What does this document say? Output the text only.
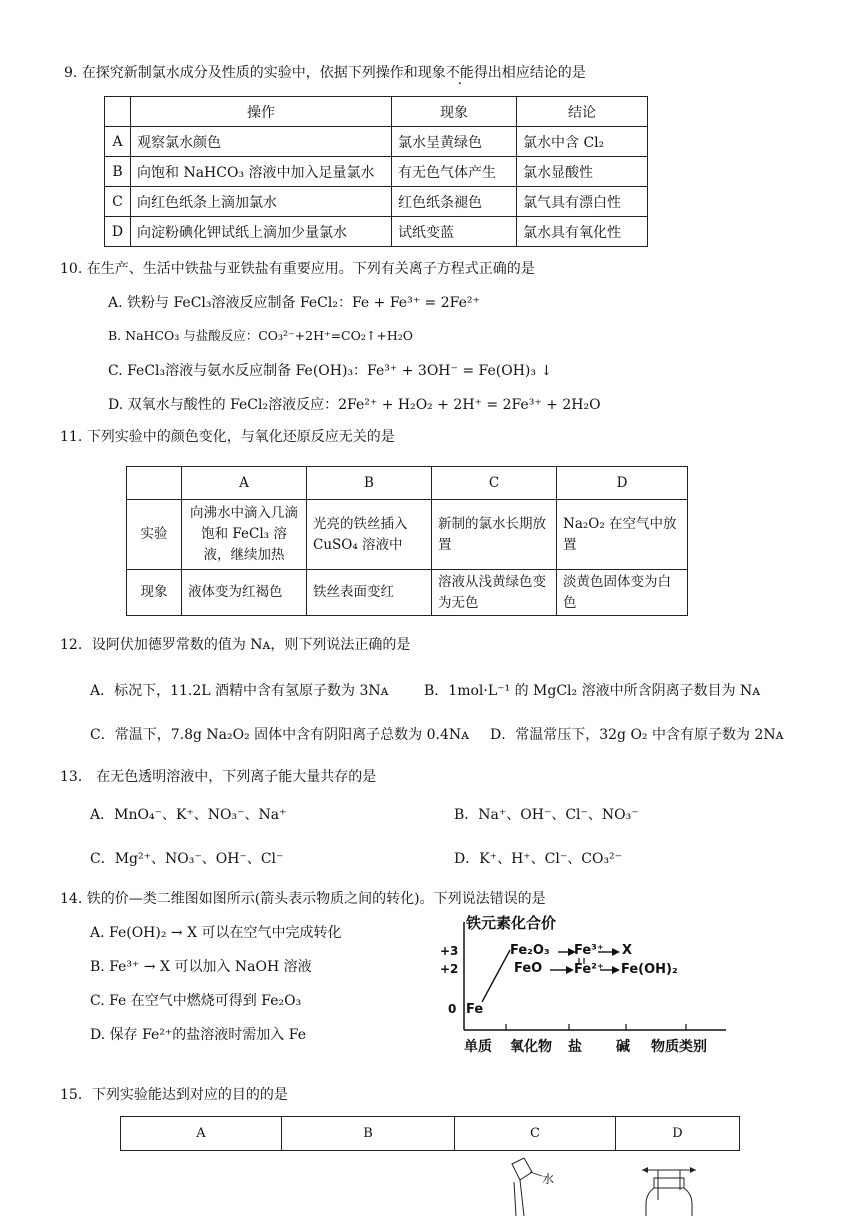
9. 在探究新制氯水成分及性质的实验中，依据下列操作和现象不能得出相应结论的是
	操作	现象	结论
A	观察氯水颜色	氯水呈黄绿色	氯水中含 Cl₂
B	向饱和 NaHCO₃ 溶液中加入足量氯水	有无色气体产生	氯水显酸性
C	向红色纸条上滴加氯水	红色纸条褪色	氯气具有漂白性
D	向淀粉碘化钾试纸上滴加少量氯水	试纸变蓝	氯水具有氧化性
10. 在生产、生活中铁盐与亚铁盐有重要应用。下列有关离子方程式正确的是
A. 铁粉与 FeCl₃溶液反应制备 FeCl₂：Fe + Fe³⁺ = 2Fe²⁺
B. NaHCO₃ 与盐酸反应：CO₃²⁻+2H⁺=CO₂↑+H₂O
C. FeCl₃溶液与氨水反应制备 Fe(OH)₃：Fe³⁺ + 3OH⁻ = Fe(OH)₃ ↓
D. 双氧水与酸性的 FeCl₂溶液反应：2Fe²⁺ + H₂O₂ + 2H⁺ = 2Fe³⁺ + 2H₂O
11. 下列实验中的颜色变化，与氧化还原反应无关的是
	A	B	C	D
实验	向沸水中滴入几滴饱和 FeCl₃ 溶液，继续加热	光亮的铁丝插入 CuSO₄ 溶液中	新制的氯水长期放置	Na₂O₂ 在空气中放置
现象	液体变为红褐色	铁丝表面变红	溶液从浅黄绿色变为无色	淡黄色固体变为白色
12．设阿伏加德罗常数的值为 Nᴀ，则下列说法正确的是
A．标况下，11.2L 酒精中含有氢原子数为 3Nᴀ	B．1mol·L⁻¹ 的 MgCl₂ 溶液中所含阴离子数目为 Nᴀ
C．常温下，7.8g Na₂O₂ 固体中含有阴阳离子总数为 0.4Nᴀ D．常温常压下，32g O₂ 中含有原子数为 2Nᴀ
13． 在无色透明溶液中，下列离子能大量共存的是
A．MnO₄⁻、K⁺、NO₃⁻、Na⁺	B．Na⁺、OH⁻、Cl⁻、NO₃⁻
C．Mg²⁺、NO₃⁻、OH⁻、Cl⁻	D．K⁺、H⁺、Cl⁻、CO₃²⁻
14. 铁的价—类二维图如图所示(箭头表示物质之间的转化)。下列说法错误的是
A. Fe(OH)₂ → X 可以在空气中完成转化
B. Fe³⁺ → X 可以加入 NaOH 溶液
C. Fe 在空气中燃烧可得到 Fe₂O₃
D. 保存 Fe²⁺的盐溶液时需加入 Fe
铁元素化合价
+3
+2
0 Fe
Fe₂O₃
FeO
Fe³⁺
Fe²⁺
X
Fe(OH)₂
单质 氧化物 盐 碱 物质类别
15．下列实验能达到对应的目的的是
A	B	C	D
水
